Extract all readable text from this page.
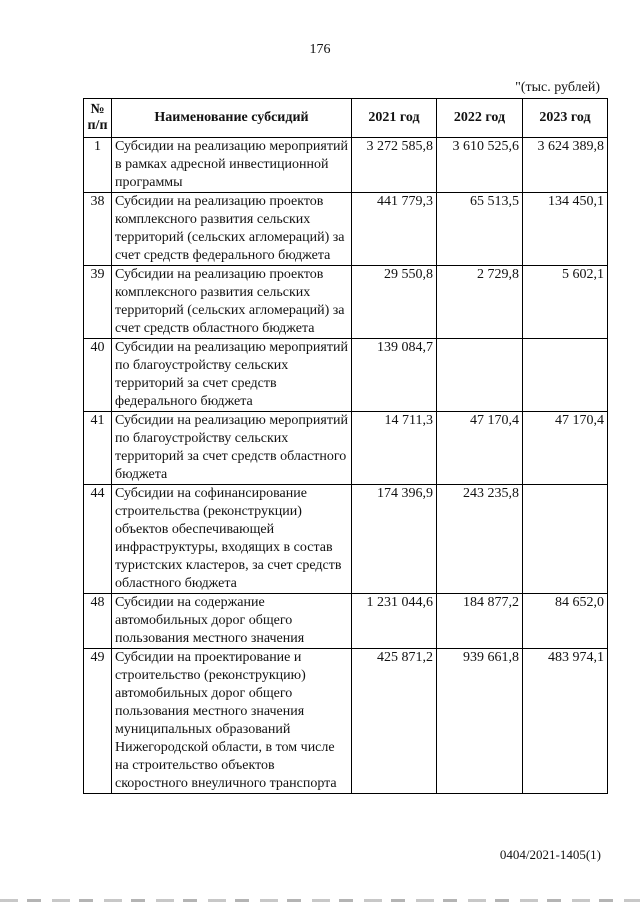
176
"(тыс. рублей)
№ п/п	Наименование субсидий	2021 год	2022 год	2023 год
1	Субсидии на реализацию мероприятий в рамках адресной инвестиционной программы	3 272 585,8	3 610 525,6	3 624 389,8
38	Субсидии на реализацию проектов комплексного развития сельских территорий (сельских агломераций) за счет средств федерального бюджета	441 779,3	65 513,5	134 450,1
39	Субсидии на реализацию проектов комплексного развития сельских территорий (сельских агломераций) за счет средств областного бюджета	29 550,8	2 729,8	5 602,1
40	Субсидии на реализацию мероприятий по благоустройству сельских территорий за счет средств федерального бюджета	139 084,7		
41	Субсидии на реализацию мероприятий по благоустройству сельских территорий за счет средств областного бюджета	14 711,3	47 170,4	47 170,4
44	Субсидии на софинансирование строительства (реконструкции) объектов обеспечивающей инфраструктуры, входящих в состав туристских кластеров, за счет средств областного бюджета	174 396,9	243 235,8	
48	Субсидии на содержание автомобильных дорог общего пользования местного значения	1 231 044,6	184 877,2	84 652,0
49	Субсидии на проектирование и строительство (реконструкцию) автомобильных дорог общего пользования местного значения муниципальных образований Нижегородской области, в том числе на строительство объектов скоростного внеуличного транспорта	425 871,2	939 661,8	483 974,1
0404/2021-1405(1)
